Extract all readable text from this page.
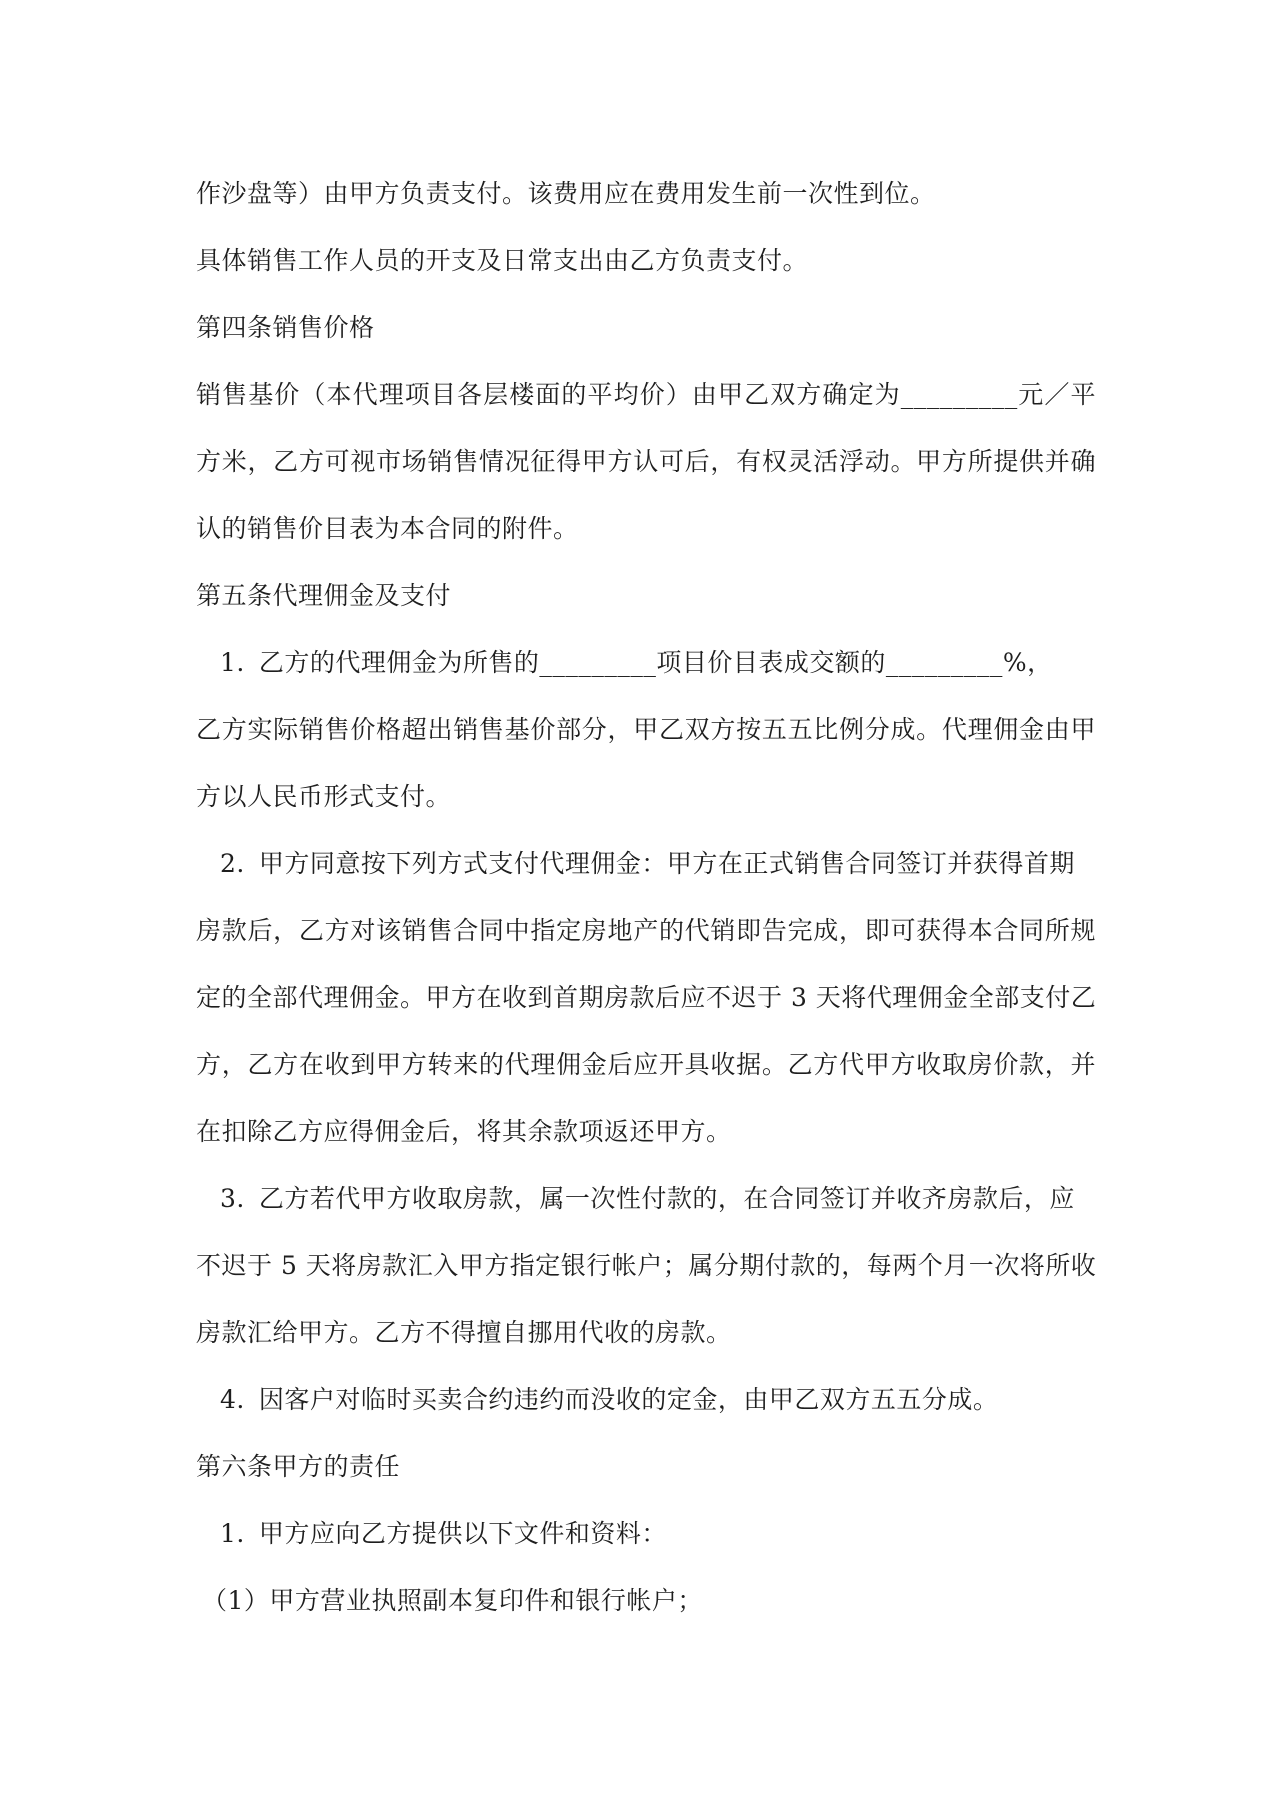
作沙盘等）由甲方负责支付。该费用应在费用发生前一次性到位。
具体销售工作人员的开支及日常支出由乙方负责支付。
第四条销售价格
销售基价（本代理项目各层楼面的平均价）由甲乙双方确定为_________元／平
方米，乙方可视市场销售情况征得甲方认可后，有权灵活浮动。甲方所提供并确
认的销售价目表为本合同的附件。
第五条代理佣金及支付
1. 乙方的代理佣金为所售的_________项目价目表成交额的_________%，
乙方实际销售价格超出销售基价部分，甲乙双方按五五比例分成。代理佣金由甲
方以人民币形式支付。
2. 甲方同意按下列方式支付代理佣金：甲方在正式销售合同签订并获得首期
房款后，乙方对该销售合同中指定房地产的代销即告完成，即可获得本合同所规
定的全部代理佣金。甲方在收到首期房款后应不迟于 3 天将代理佣金全部支付乙
方，乙方在收到甲方转来的代理佣金后应开具收据。乙方代甲方收取房价款，并
在扣除乙方应得佣金后，将其余款项返还甲方。
3. 乙方若代甲方收取房款，属一次性付款的，在合同签订并收齐房款后，应
不迟于 5 天将房款汇入甲方指定银行帐户；属分期付款的，每两个月一次将所收
房款汇给甲方。乙方不得擅自挪用代收的房款。
4. 因客户对临时买卖合约违约而没收的定金，由甲乙双方五五分成。
第六条甲方的责任
1. 甲方应向乙方提供以下文件和资料：
（1）甲方营业执照副本复印件和银行帐户；
